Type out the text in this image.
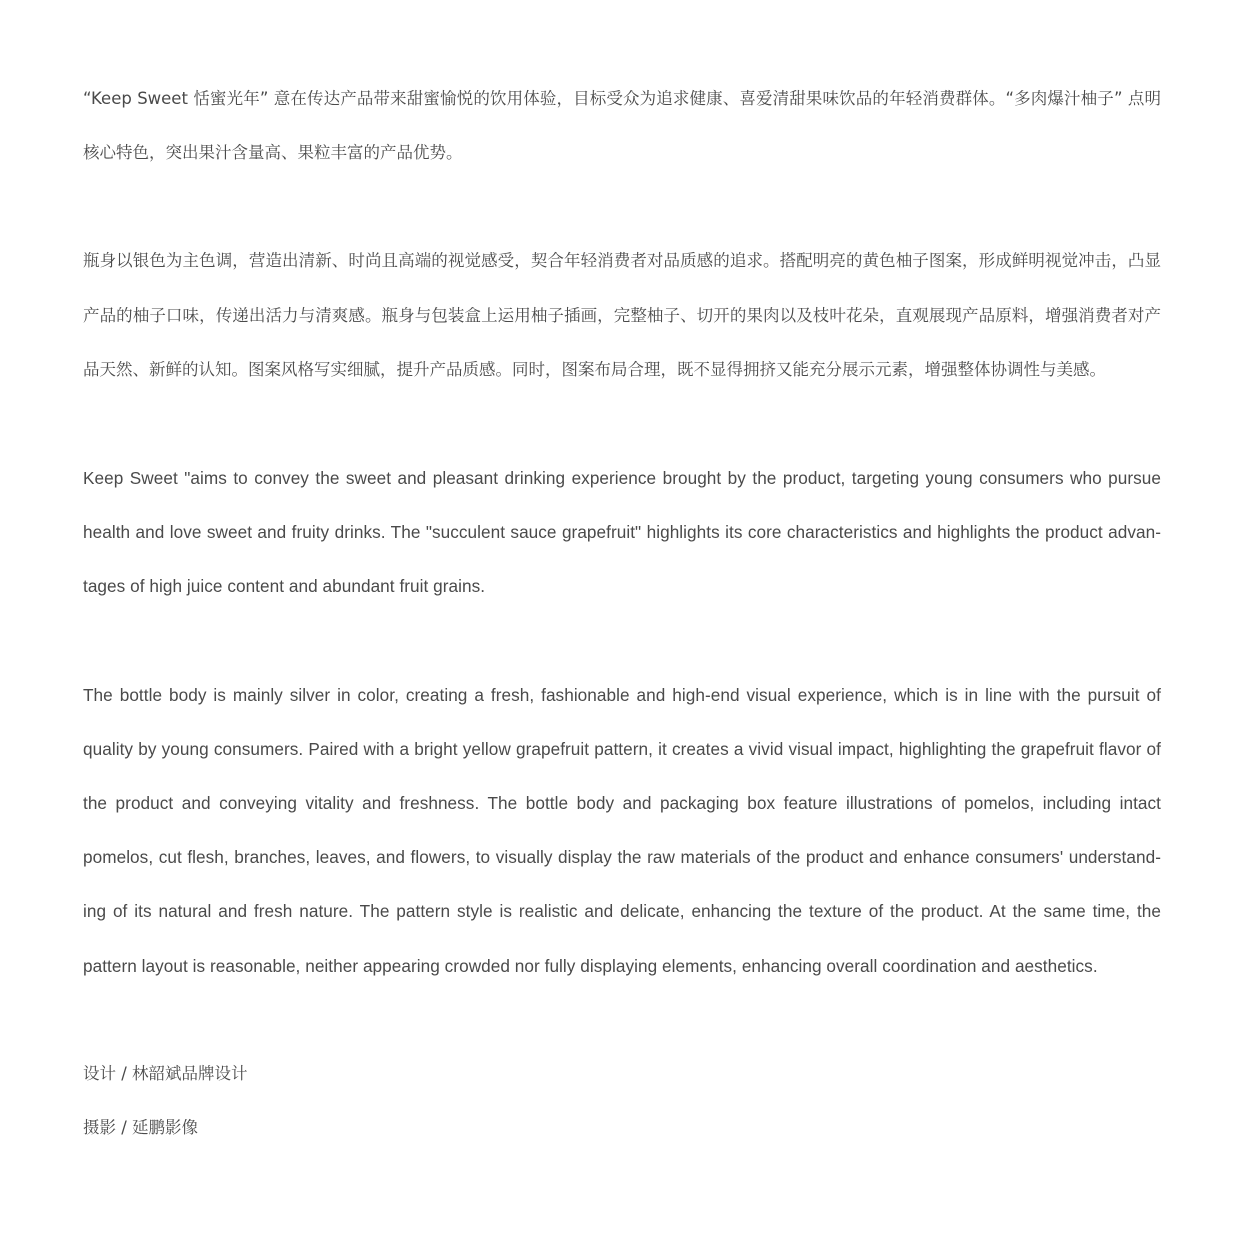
“Keep Sweet 恬蜜光年” 意在传达产品带来甜蜜愉悦的饮用体验，目标受众为追求健康、喜爱清甜果味饮品的年轻消费群体。“多肉爆汁柚子” 点明核心特色，突出果汁含量高、果粒丰富的产品优势。

瓶身以银色为主色调，营造出清新、时尚且高端的视觉感受，契合年轻消费者对品质感的追求。搭配明亮的黄色柚子图案，形成鲜明视觉冲击，凸显产品的柚子口味，传递出活力与清爽感。瓶身与包装盒上运用柚子插画，完整柚子、切开的果肉以及枝叶花朵，直观展现产品原料，增强消费者对产品天然、新鲜的认知。图案风格写实细腻，提升产品质感。同时，图案布局合理，既不显得拥挤又能充分展示元素，增强整体协调性与美感。

Keep Sweet "aims to convey the sweet and pleasant drinking experience brought by the product, targeting young consumers who pursue health and love sweet and fruity drinks. The "succulent sauce grapefruit" highlights its core characteristics and highlights the product advan-tages of high juice content and abundant fruit grains.

The bottle body is mainly silver in color, creating a fresh, fashionable and high-end visual experience, which is in line with the pursuit of quality by young consumers. Paired with a bright yellow grapefruit pattern, it creates a vivid visual impact, highlighting the grapefruit flavor of the product and conveying vitality and freshness. The bottle body and packaging box feature illustrations of pomelos, including intact pomelos, cut flesh, branches, leaves, and flowers, to visually display the raw materials of the product and enhance consumers' understand-ing of its natural and fresh nature. The pattern style is realistic and delicate, enhancing the texture of the product. At the same time, the pattern layout is reasonable, neither appearing crowded nor fully displaying elements, enhancing overall coordination and aesthetics.

设计 / 林韶斌品牌设计

摄影 / 延鹏影像
